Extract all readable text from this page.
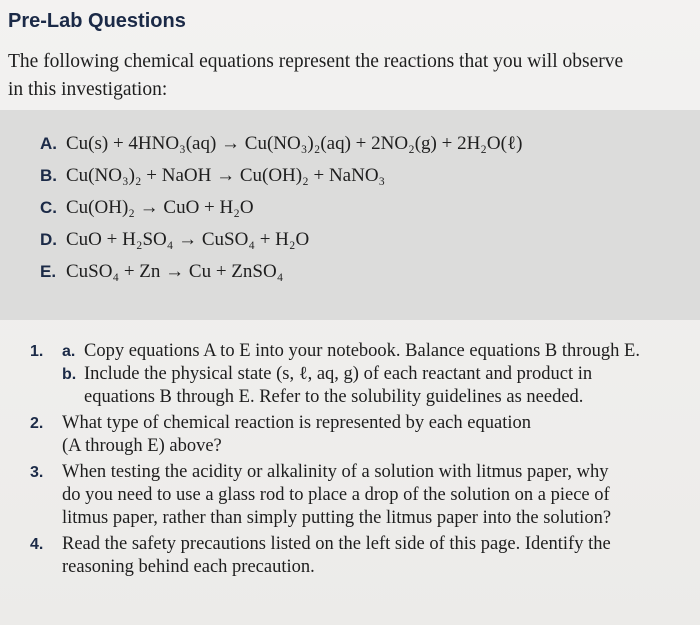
Pre-Lab Questions

The following chemical equations represent the reactions that you will observe
in this investigation:

A. Cu(s) + 4HNO₃(aq) → Cu(NO₃)₂(aq) + 2NO₂(g) + 2H₂O(ℓ)
B. Cu(NO₃)₂ + NaOH → Cu(OH)₂ + NaNO₃
C. Cu(OH)₂ → CuO + H₂O
D. CuO + H₂SO₄ → CuSO₄ + H₂O
E. CuSO₄ + Zn → Cu + ZnSO₄
1. a. Copy equations A to E into your notebook. Balance equations B through E.
b. Include the physical state (s, ℓ, aq, g) of each reactant and product in
equations B through E. Refer to the solubility guidelines as needed.
2. What type of chemical reaction is represented by each equation
(A through E) above?
3. When testing the acidity or alkalinity of a solution with litmus paper, why
do you need to use a glass rod to place a drop of the solution on a piece of
litmus paper, rather than simply putting the litmus paper into the solution?
4. Read the safety precautions listed on the left side of this page. Identify the
reasoning behind each precaution.
